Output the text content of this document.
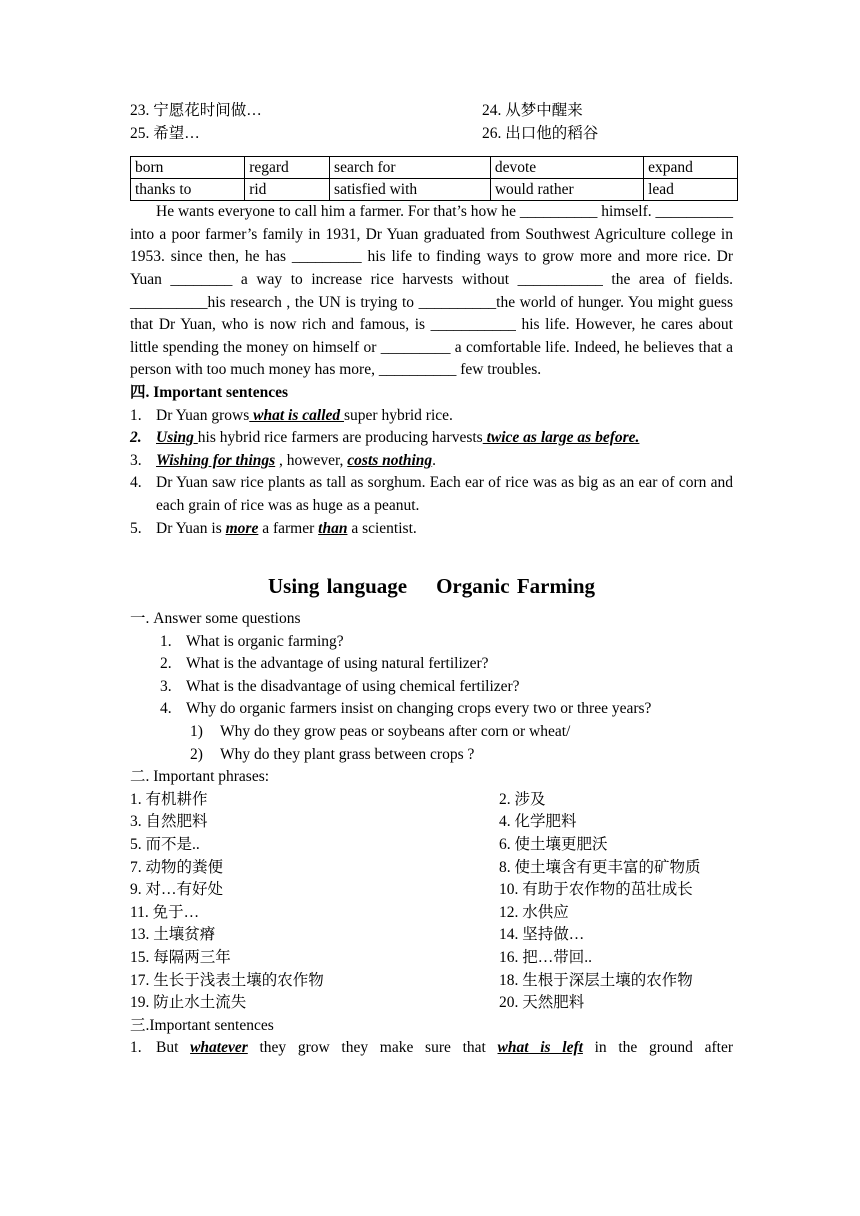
23. 宁愿花时间做…	24. 从梦中醒来
25. 希望…	26. 出口他的稻谷
born	regard	search for	devote	expand
thanks to	rid	satisfied with	would rather	lead
He wants everyone to call him a farmer. For that’s how he __________ himself. __________ into a poor farmer’s family in 1931, Dr Yuan graduated from Southwest Agriculture college in 1953. since then, he has _________ his life to finding ways to grow more and more rice. Dr Yuan ________ a way to increase rice harvests without ___________ the area of fields. __________his research , the UN is trying to __________the world of hunger. You might guess that Dr Yuan, who is now rich and famous, is ___________ his life. However, he cares about little spending the money on himself or _________ a comfortable life. Indeed, he believes that a person with too much money has more, __________ few troubles.
四. Important sentences
1. Dr Yuan grows what is called super hybrid rice.
2. Using his hybrid rice farmers are producing harvests twice as large as before.
3. Wishing for things , however, costs nothing.
4. Dr Yuan saw rice plants as tall as sorghum. Each ear of rice was as big as an ear of corn and each grain of rice was as huge as a peanut.
5. Dr Yuan is more a farmer than a scientist.
Using language    Organic Farming
一. Answer some questions
1. What is organic farming?
2. What is the advantage of using natural fertilizer?
3. What is the disadvantage of using chemical fertilizer?
4. Why do organic farmers insist on changing crops every two or three years?
1) Why do they grow peas or soybeans after corn or wheat/
2) Why do they plant grass between crops ?
二. Important phrases:
1. 有机耕作	2. 涉及
3. 自然肥料	4. 化学肥料
5. 而不是..	6. 使土壤更肥沃
7. 动物的粪便	8. 使土壤含有更丰富的矿物质
9. 对…有好处	10. 有助于农作物的茁壮成长
11. 免于…	12. 水供应
13. 土壤贫瘠	14. 坚持做…
15. 每隔两三年	16. 把…带回..
17. 生长于浅表土壤的农作物	18. 生根于深层土壤的农作物
19. 防止水土流失	20. 天然肥料
三.Important sentences
1. But whatever they grow they make sure that what is left in the ground after
